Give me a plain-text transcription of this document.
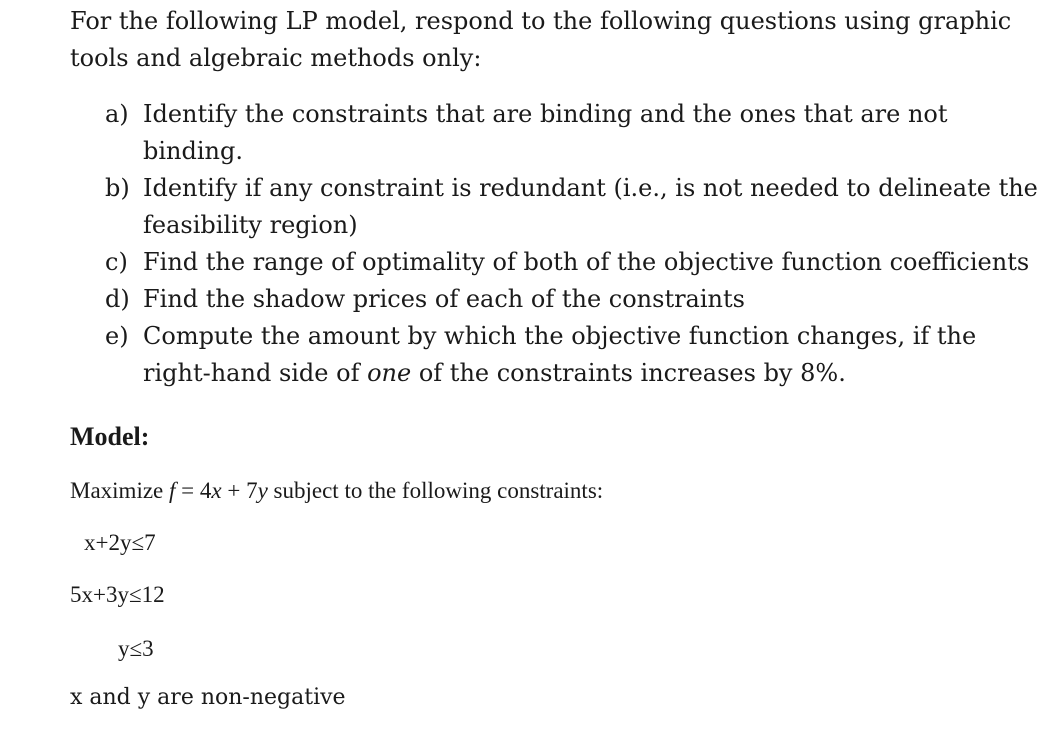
For the following LP model, respond to the following questions using graphic tools and algebraic methods only:

a) Identify the constraints that are binding and the ones that are not binding.
b) Identify if any constraint is redundant (i.e., is not needed to delineate the feasibility region)
c) Find the range of optimality of both of the objective function coefficients
d) Find the shadow prices of each of the constraints
e) Compute the amount by which the objective function changes, if the right-hand side of one of the constraints increases by 8%.
Model:

Maximize f = 4x + 7y subject to the following constraints:

x+2y≤7

5x+3y≤12

y≤3

x and y are non-negative
